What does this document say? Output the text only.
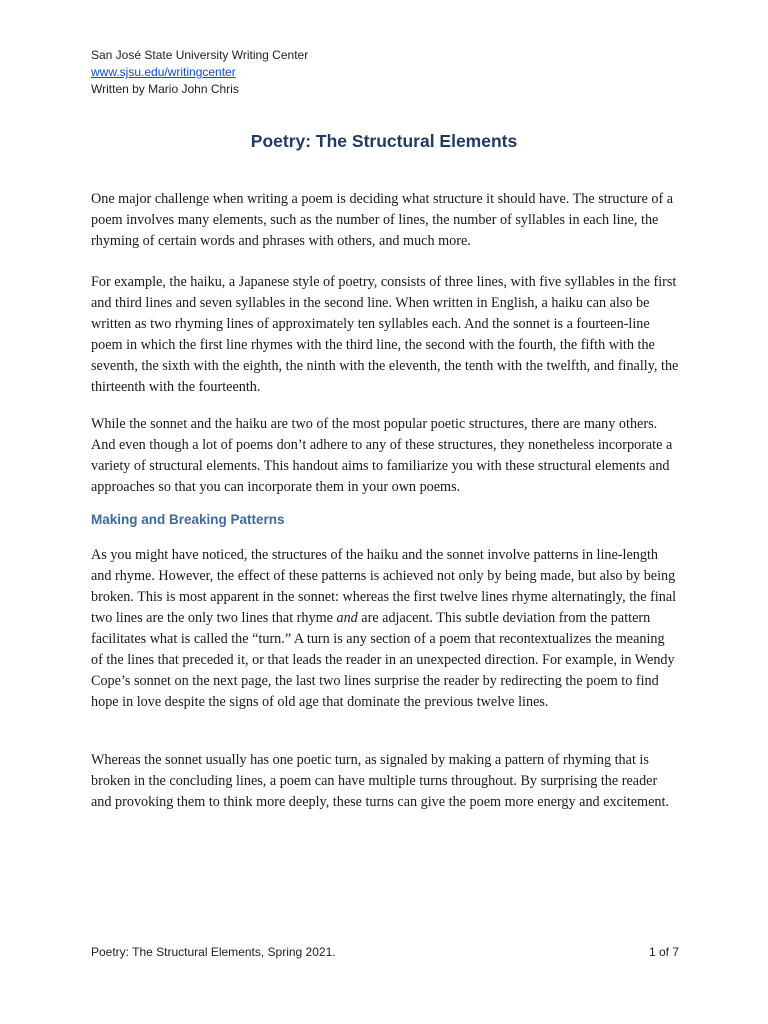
San José State University Writing Center
www.sjsu.edu/writingcenter
Written by Mario John Chris
Poetry: The Structural Elements

One major challenge when writing a poem is deciding what structure it should have. The structure of a poem involves many elements, such as the number of lines, the number of syllables in each line, the rhyming of certain words and phrases with others, and much more.

For example, the haiku, a Japanese style of poetry, consists of three lines, with five syllables in the first and third lines and seven syllables in the second line. When written in English, a haiku can also be written as two rhyming lines of approximately ten syllables each. And the sonnet is a fourteen-line poem in which the first line rhymes with the third line, the second with the fourth, the fifth with the seventh, the sixth with the eighth, the ninth with the eleventh, the tenth with the twelfth, and finally, the thirteenth with the fourteenth.

While the sonnet and the haiku are two of the most popular poetic structures, there are many others. And even though a lot of poems don’t adhere to any of these structures, they nonetheless incorporate a variety of structural elements. This handout aims to familiarize you with these structural elements and approaches so that you can incorporate them in your own poems.

Making and Breaking Patterns

As you might have noticed, the structures of the haiku and the sonnet involve patterns in line-length and rhyme. However, the effect of these patterns is achieved not only by being made, but also by being broken. This is most apparent in the sonnet: whereas the first twelve lines rhyme alternatingly, the final two lines are the only two lines that rhyme and are adjacent. This subtle deviation from the pattern facilitates what is called the “turn.” A turn is any section of a poem that recontextualizes the meaning of the lines that preceded it, or that leads the reader in an unexpected direction. For example, in Wendy Cope’s sonnet on the next page, the last two lines surprise the reader by redirecting the poem to find hope in love despite the signs of old age that dominate the previous twelve lines.

Whereas the sonnet usually has one poetic turn, as signaled by making a pattern of rhyming that is broken in the concluding lines, a poem can have multiple turns throughout. By surprising the reader and provoking them to think more deeply, these turns can give the poem more energy and excitement.

Poetry: The Structural Elements, Spring 2021.	1 of 7
